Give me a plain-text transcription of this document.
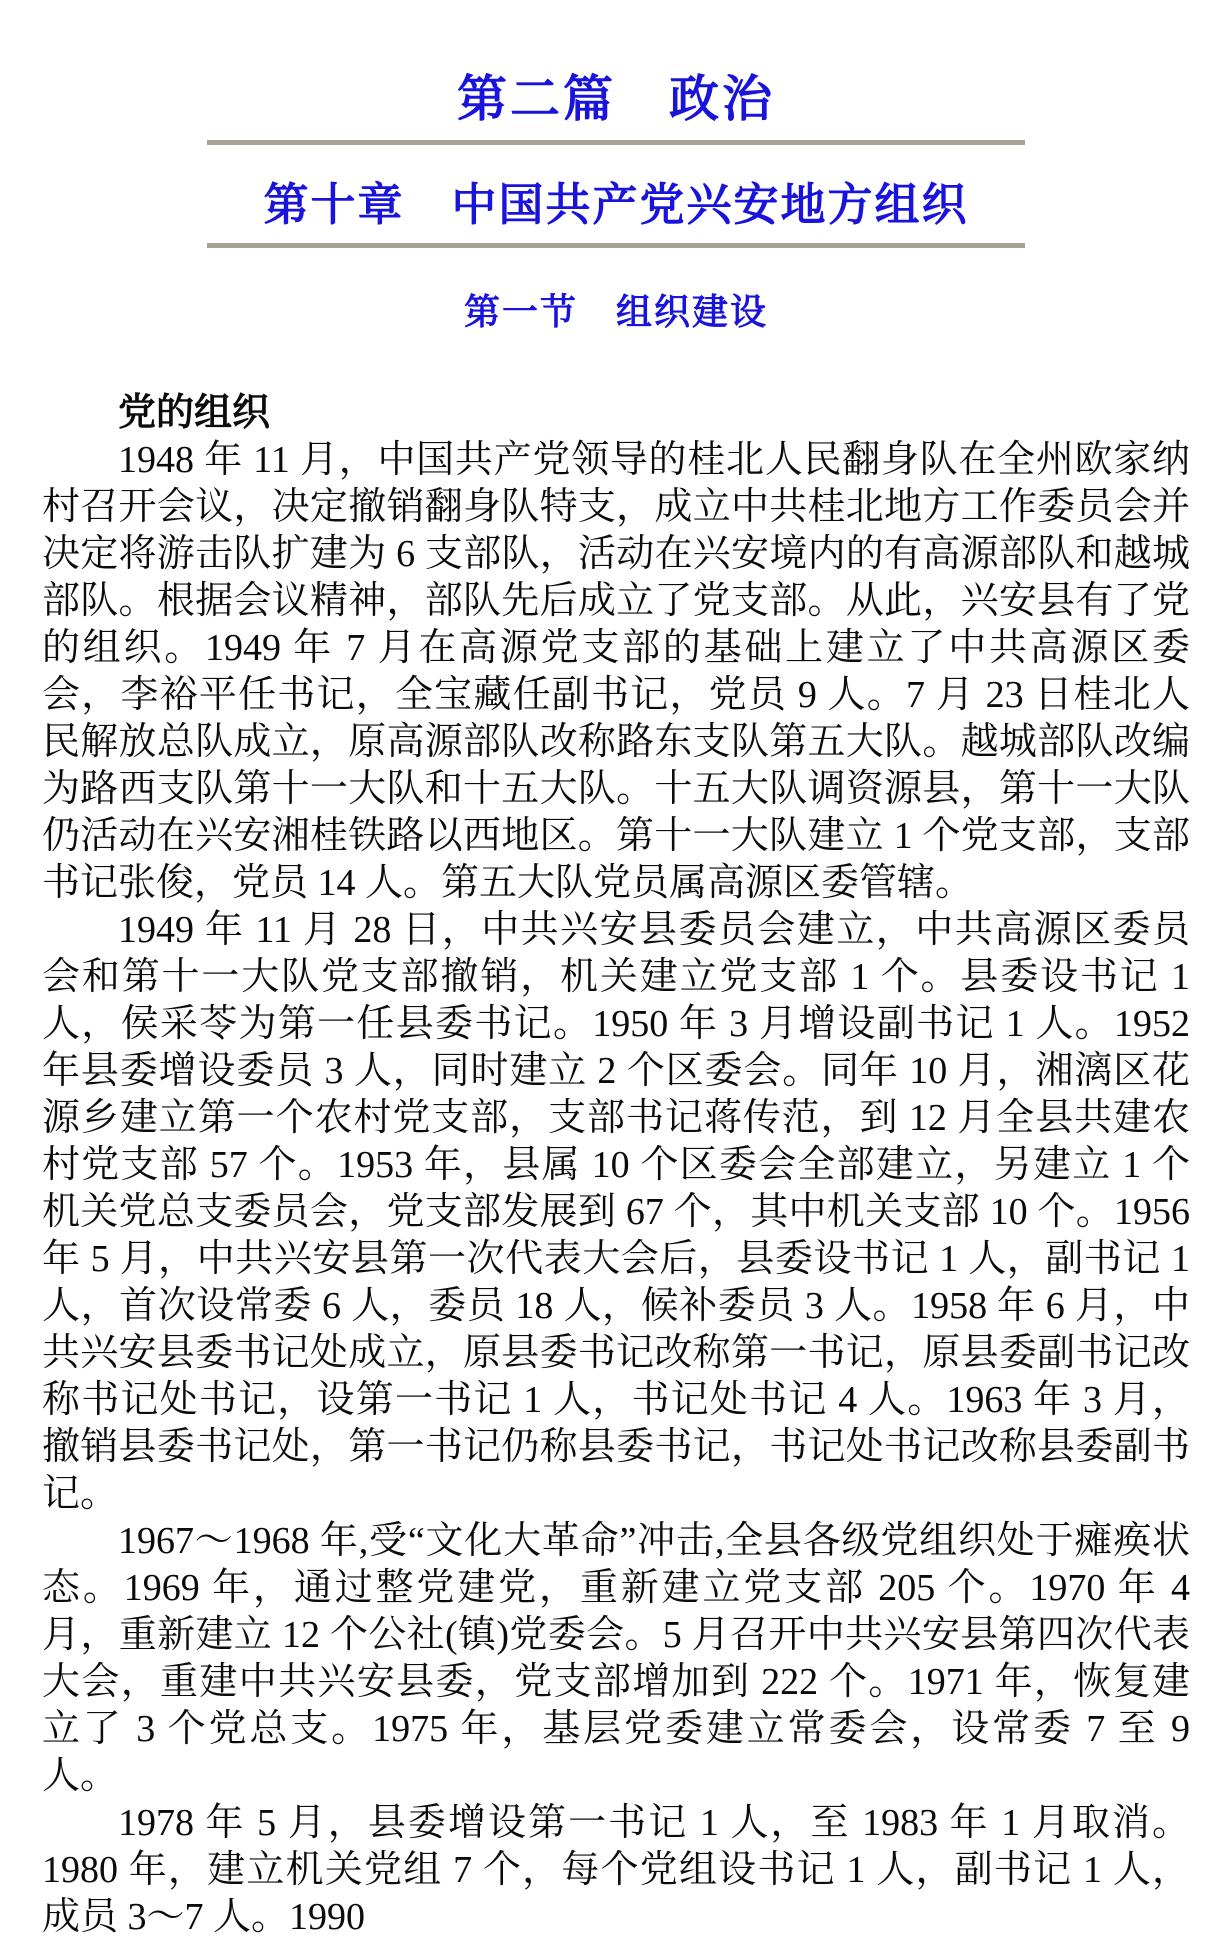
第二篇　政治
第十章　中国共产党兴安地方组织
第一节　组织建设

党的组织

1948 年 11 月，中国共产党领导的桂北人民翻身队在全州欧家纳村召开会议，决定撤销翻身队特支，成立中共桂北地方工作委员会并决定将游击队扩建为 6 支部队，活动在兴安境内的有高源部队和越城部队。根据会议精神，部队先后成立了党支部。从此，兴安县有了党的组织。1949 年 7 月在高源党支部的基础上建立了中共高源区委会，李裕平任书记，全宝藏任副书记，党员 9 人。7 月 23 日桂北人民解放总队成立，原高源部队改称路东支队第五大队。越城部队改编为路西支队第十一大队和十五大队。十五大队调资源县，第十一大队仍活动在兴安湘桂铁路以西地区。第十一大队建立 1 个党支部，支部书记张俊，党员 14 人。第五大队党员属高源区委管辖。

1949 年 11 月 28 日，中共兴安县委员会建立，中共高源区委员会和第十一大队党支部撤销，机关建立党支部 1 个。县委设书记 1 人，侯采苓为第一任县委书记。1950 年 3 月增设副书记 1 人。1952 年县委增设委员 3 人，同时建立 2 个区委会。同年 10 月，湘漓区花源乡建立第一个农村党支部，支部书记蒋传范，到 12 月全县共建农村党支部 57 个。1953 年，县属 10 个区委会全部建立，另建立 1 个机关党总支委员会，党支部发展到 67 个，其中机关支部 10 个。1956 年 5 月，中共兴安县第一次代表大会后，县委设书记 1 人，副书记 1 人，首次设常委 6 人，委员 18 人，候补委员 3 人。1958 年 6 月，中共兴安县委书记处成立，原县委书记改称第一书记，原县委副书记改称书记处书记，设第一书记 1 人，书记处书记 4 人。1963 年 3 月，撤销县委书记处，第一书记仍称县委书记，书记处书记改称县委副书记。

1967～1968 年,受“文化大革命”冲击,全县各级党组织处于瘫痪状态。1969 年，通过整党建党，重新建立党支部 205 个。1970 年 4 月，重新建立 12 个公社(镇)党委会。5 月召开中共兴安县第四次代表大会，重建中共兴安县委，党支部增加到 222 个。1971 年，恢复建立了 3 个党总支。1975 年，基层党委建立常委会，设常委 7 至 9 人。

1978 年 5 月，县委增设第一书记 1 人，至 1983 年 1 月取消。1980 年，建立机关党组 7 个，每个党组设书记 1 人，副书记 1 人，成员 3～7 人。1990
